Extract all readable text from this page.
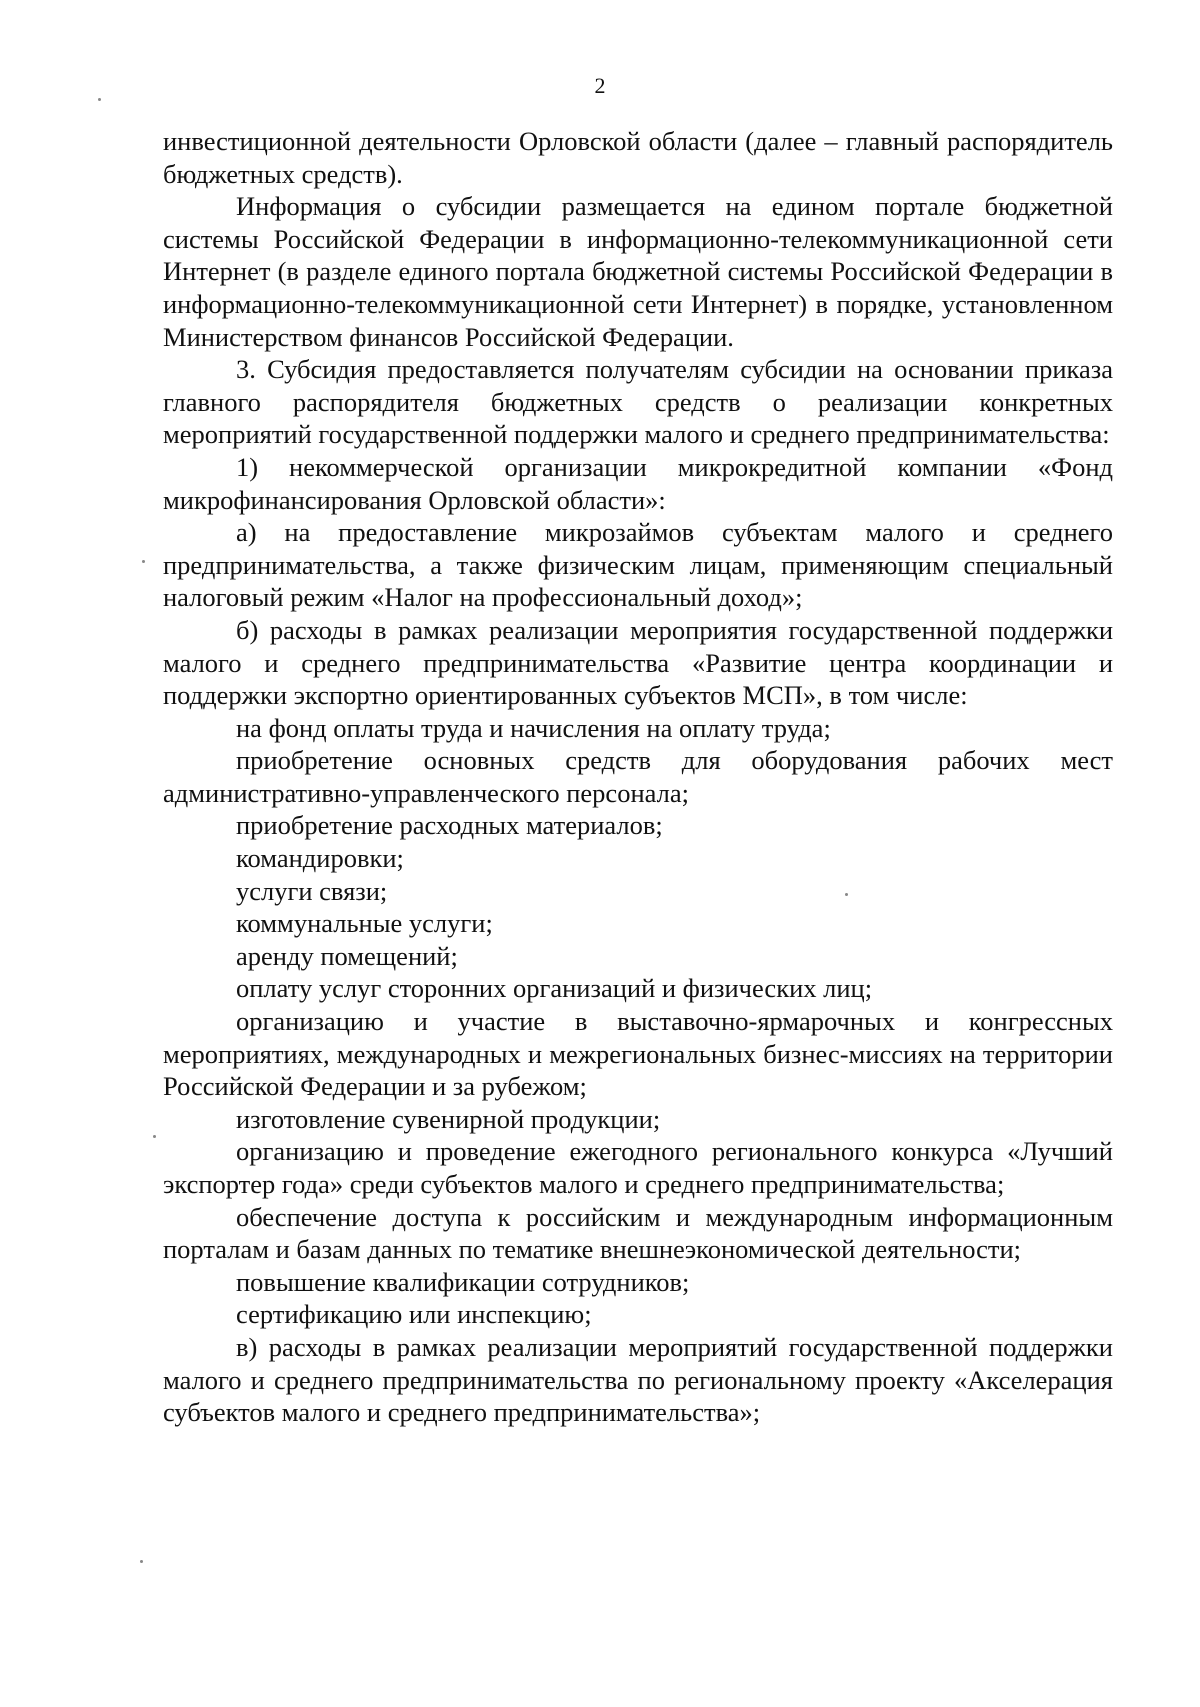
2

инвестиционной деятельности Орловской области (далее – главный распорядитель бюджетных средств).

Информация о субсидии размещается на едином портале бюджетной системы Российской Федерации в информационно-телекоммуникационной сети Интернет (в разделе единого портала бюджетной системы Российской Федерации в информационно-телекоммуникационной сети Интернет) в порядке, установленном Министерством финансов Российской Федерации.

3. Субсидия предоставляется получателям субсидии на основании приказа главного распорядителя бюджетных средств о реализации конкретных мероприятий государственной поддержки малого и среднего предпринимательства:

1) некоммерческой организации микрокредитной компании «Фонд микрофинансирования Орловской области»:

а) на предоставление микрозаймов субъектам малого и среднего предпринимательства, а также физическим лицам, применяющим специальный налоговый режим «Налог на профессиональный доход»;

б) расходы в рамках реализации мероприятия государственной поддержки малого и среднего предпринимательства «Развитие центра координации и поддержки экспортно ориентированных субъектов МСП», в том числе:

на фонд оплаты труда и начисления на оплату труда;

приобретение основных средств для оборудования рабочих мест административно-управленческого персонала;

приобретение расходных материалов;

командировки;

услуги связи;

коммунальные услуги;

аренду помещений;

оплату услуг сторонних организаций и физических лиц;

организацию и участие в выставочно-ярмарочных и конгрессных мероприятиях, международных и межрегиональных бизнес-миссиях на территории Российской Федерации и за рубежом;

изготовление сувенирной продукции;

организацию и проведение ежегодного регионального конкурса «Лучший экспортер года» среди субъектов малого и среднего предпринимательства;

обеспечение доступа к российским и международным информационным порталам и базам данных по тематике внешнеэкономической деятельности;

повышение квалификации сотрудников;

сертификацию или инспекцию;

в) расходы в рамках реализации мероприятий государственной поддержки малого и среднего предпринимательства по региональному проекту «Акселерация субъектов малого и среднего предпринимательства»;
